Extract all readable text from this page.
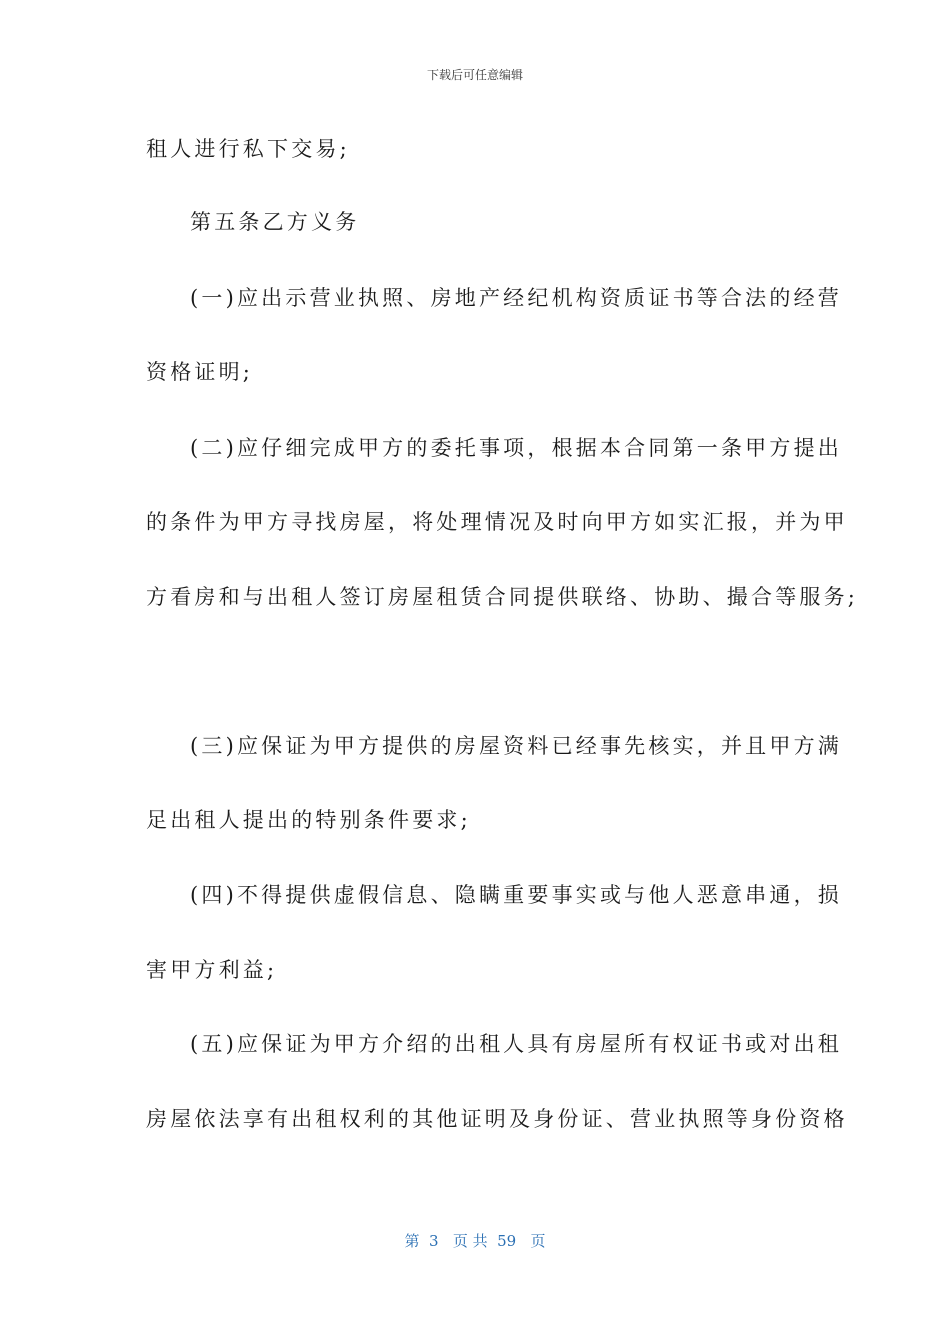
下载后可任意编辑
租人进行私下交易;
第五条乙方义务
(一)应出示营业执照、房地产经纪机构资质证书等合法的经营
资格证明;
(二)应仔细完成甲方的委托事项，根据本合同第一条甲方提出
的条件为甲方寻找房屋，将处理情况及时向甲方如实汇报，并为甲
方看房和与出租人签订房屋租赁合同提供联络、协助、撮合等服务;
(三)应保证为甲方提供的房屋资料已经事先核实，并且甲方满
足出租人提出的特别条件要求;
(四)不得提供虚假信息、隐瞒重要事实或与他人恶意串通，损
害甲方利益;
(五)应保证为甲方介绍的出租人具有房屋所有权证书或对出租
房屋依法享有出租权利的其他证明及身份证、营业执照等身份资格
第  3   页 共  59   页
